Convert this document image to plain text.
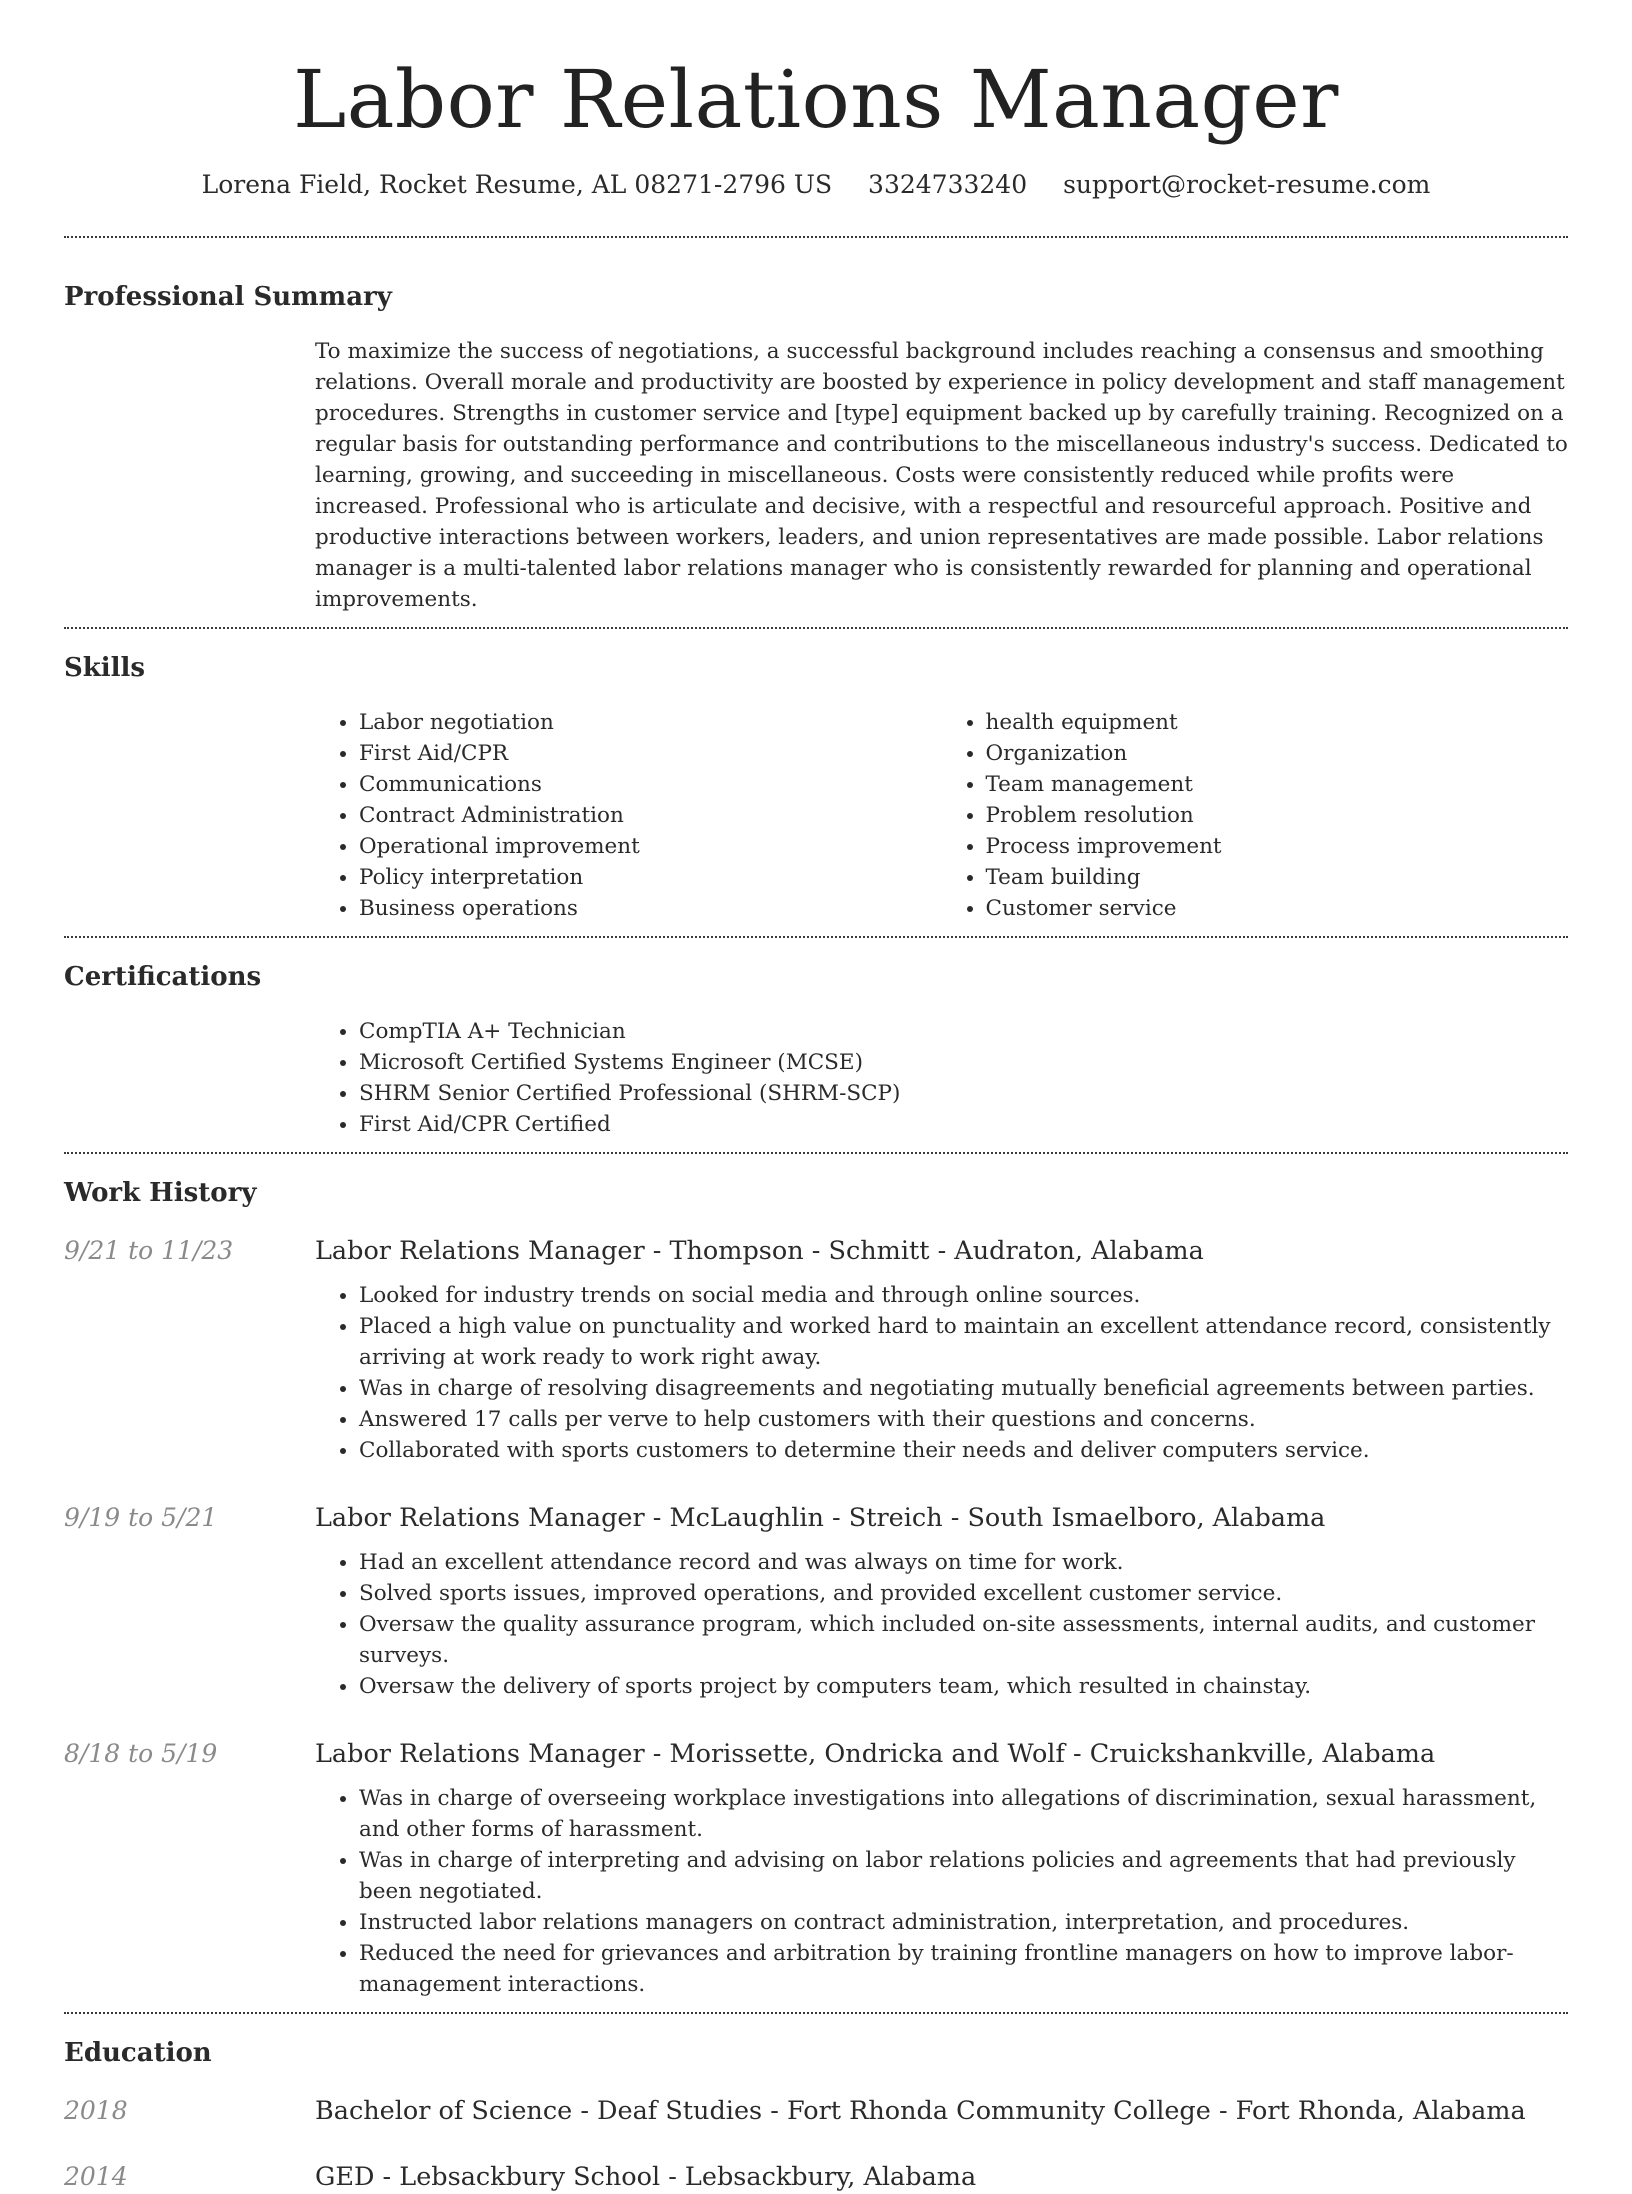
Labor Relations Manager
Lorena Field, Rocket Resume, AL 08271-2796 US 3324733240 support@rocket-resume.com
Professional Summary
To maximize the success of negotiations, a successful background includes reaching a consensus and smoothing relations. Overall morale and productivity are boosted by experience in policy development and staff management procedures. Strengths in customer service and [type] equipment backed up by carefully training. Recognized on a regular basis for outstanding performance and contributions to the miscellaneous industry's success. Dedicated to learning, growing, and succeeding in miscellaneous. Costs were consistently reduced while profits were increased. Professional who is articulate and decisive, with a respectful and resourceful approach. Positive and productive interactions between workers, leaders, and union representatives are made possible. Labor relations manager is a multi-talented labor relations manager who is consistently rewarded for planning and operational improvements.
Skills
• Labor negotiation
• First Aid/CPR
• Communications
• Contract Administration
• Operational improvement
• Policy interpretation
• Business operations
• health equipment
• Organization
• Team management
• Problem resolution
• Process improvement
• Team building
• Customer service
Certifications
• CompTIA A+ Technician
• Microsoft Certified Systems Engineer (MCSE)
• SHRM Senior Certified Professional (SHRM-SCP)
• First Aid/CPR Certified
Work History
9/21 to 11/23	Labor Relations Manager - Thompson - Schmitt - Audraton, Alabama
• Looked for industry trends on social media and through online sources.
• Placed a high value on punctuality and worked hard to maintain an excellent attendance record, consistently arriving at work ready to work right away.
• Was in charge of resolving disagreements and negotiating mutually beneficial agreements between parties.
• Answered 17 calls per verve to help customers with their questions and concerns.
• Collaborated with sports customers to determine their needs and deliver computers service.
9/19 to 5/21	Labor Relations Manager - McLaughlin - Streich - South Ismaelboro, Alabama
• Had an excellent attendance record and was always on time for work.
• Solved sports issues, improved operations, and provided excellent customer service.
• Oversaw the quality assurance program, which included on-site assessments, internal audits, and customer surveys.
• Oversaw the delivery of sports project by computers team, which resulted in chainstay.
8/18 to 5/19	Labor Relations Manager - Morissette, Ondricka and Wolf - Cruickshankville, Alabama
• Was in charge of overseeing workplace investigations into allegations of discrimination, sexual harassment, and other forms of harassment.
• Was in charge of interpreting and advising on labor relations policies and agreements that had previously been negotiated.
• Instructed labor relations managers on contract administration, interpretation, and procedures.
• Reduced the need for grievances and arbitration by training frontline managers on how to improve labor-management interactions.
Education
2018	Bachelor of Science - Deaf Studies - Fort Rhonda Community College - Fort Rhonda, Alabama
2014	GED - Lebsackbury School - Lebsackbury, Alabama
